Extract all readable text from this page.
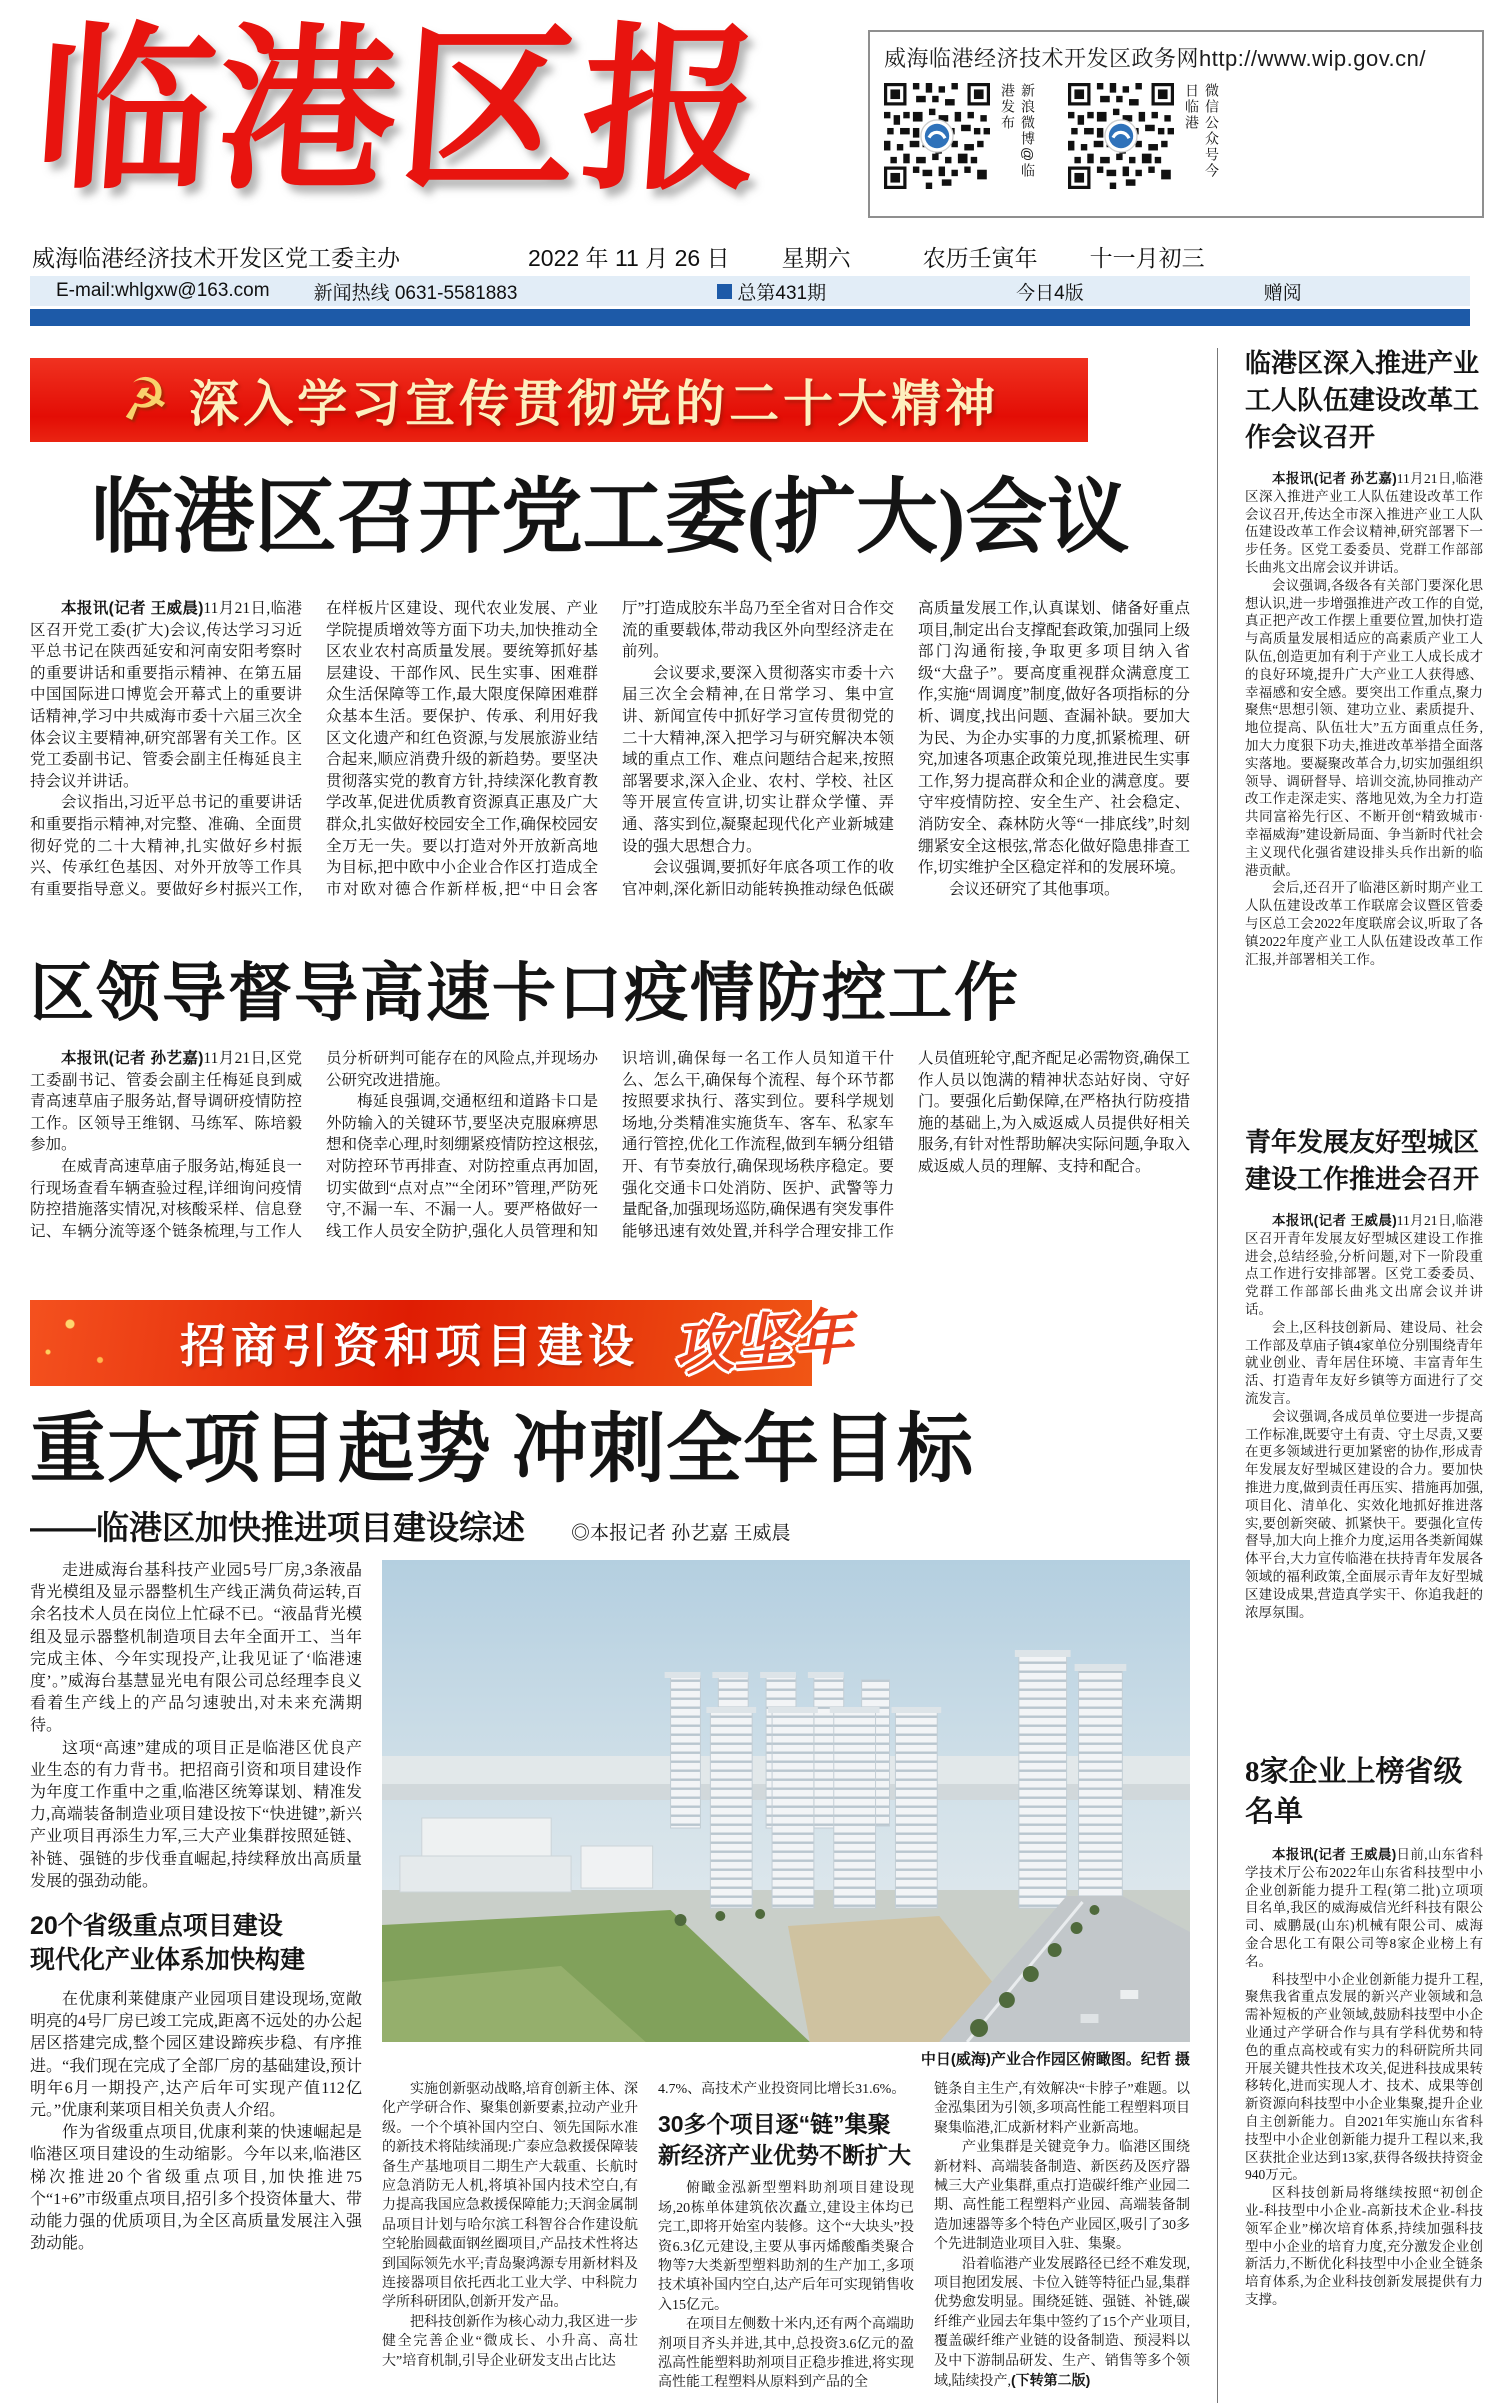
临港区报	威海临港经济技术开发区政务网http://www.wip.gov.cn/
新浪微博@临港发布	微信公众号今日临港
威海临港经济技术开发区党工委主办	2022 年 11 月 26 日 星期六	农历壬寅年 十一月初三
E-mail:whlgxw@163.com 新闻热线 0631-5581883	总第431期	今日4版	赠阅
☭ 深入学习宣传贯彻党的二十大精神
临港区召开党工委(扩大)会议

本报讯(记者 王威晨)11月21日,临港区召开党工委(扩大)会议,传达学习习近平总书记在陕西延安和河南安阳考察时的重要讲话和重要指示精神、在第五届中国国际进口博览会开幕式上的重要讲话精神,学习中共威海市委十六届三次全体会议主要精神,研究部署有关工作。区党工委副书记、管委会副主任梅延良主持会议并讲话。

会议指出,习近平总书记的重要讲话和重要指示精神,对完整、准确、全面贯彻好党的二十大精神,扎实做好乡村振兴、传承红色基因、对外开放等工作具有重要指导意义。要做好乡村振兴工作,在样板片区建设、现代农业发展、产业学院提质增效等方面下功夫,加快推动全区农业农村高质量发展。要统筹抓好基层建设、干部作风、民生实事、困难群众生活保障等工作,最大限度保障困难群众基本生活。要保护、传承、利用好我区文化遗产和红色资源,与发展旅游业结合起来,顺应消费升级的新趋势。要坚决贯彻落实党的教育方针,持续深化教育教学改革,促进优质教育资源真正惠及广大群众,扎实做好校园安全工作,确保校园安全万无一失。要以打造对外开放新高地为目标,把中欧中小企业合作区打造成全市对欧对德合作新样板,把“中日会客厅”打造成胶东半岛乃至全省对日合作交流的重要载体,带动我区外向型经济走在前列。

会议要求,要深入贯彻落实市委十六届三次全会精神,在日常学习、集中宣讲、新闻宣传中抓好学习宣传贯彻党的二十大精神,深入把学习与研究解决本领域的重点工作、难点问题结合起来,按照部署要求,深入企业、农村、学校、社区等开展宣传宣讲,切实让群众学懂、弄通、落实到位,凝聚起现代化产业新城建设的强大思想合力。

会议强调,要抓好年底各项工作的收官冲刺,深化新旧动能转换推动绿色低碳高质量发展工作,认真谋划、储备好重点项目,制定出台支撑配套政策,加强同上级部门沟通衔接,争取更多项目纳入省级“大盘子”。要高度重视群众满意度工作,实施“周调度”制度,做好各项指标的分析、调度,找出问题、查漏补缺。要加大为民、为企办实事的力度,抓紧梳理、研究,加速各项惠企政策兑现,推进民生实事工作,努力提高群众和企业的满意度。要守牢疫情防控、安全生产、社会稳定、消防安全、森林防火等“一排底线”,时刻绷紧安全这根弦,常态化做好隐患排查工作,切实维护全区稳定祥和的发展环境。

会议还研究了其他事项。

区领导督导高速卡口疫情防控工作

本报讯(记者 孙艺嘉)11月21日,区党工委副书记、管委会副主任梅延良到威青高速草庙子服务站,督导调研疫情防控工作。区领导王维钢、马练军、陈培毅参加。

在威青高速草庙子服务站,梅延良一行现场查看车辆查验过程,详细询问疫情防控措施落实情况,对核酸采样、信息登记、车辆分流等逐个链条梳理,与工作人员分析研判可能存在的风险点,并现场办公研究改进措施。

梅延良强调,交通枢纽和道路卡口是外防输入的关键环节,要坚决克服麻痹思想和侥幸心理,时刻绷紧疫情防控这根弦,对防控环节再排查、对防控重点再加固,切实做到“点对点”“全闭环”管理,严防死守,不漏一车、不漏一人。要严格做好一线工作人员安全防护,强化人员管理和知识培训,确保每一名工作人员知道干什么、怎么干,确保每个流程、每个环节都按照要求执行、落实到位。要科学规划场地,分类精准实施货车、客车、私家车通行管控,优化工作流程,做到车辆分组错开、有节奏放行,确保现场秩序稳定。要强化交通卡口处消防、医护、武警等力量配备,加强现场巡防,确保遇有突发事件能够迅速有效处置,并科学合理安排工作人员值班轮守,配齐配足必需物资,确保工作人员以饱满的精神状态站好岗、守好门。要强化后勤保障,在严格执行防疫措施的基础上,为入威返威人员提供好相关服务,有针对性帮助解决实际问题,争取入威返威人员的理解、支持和配合。

招商引资和项目建设 攻坚年
重大项目起势 冲刺全年目标
——临港区加快推进项目建设综述 ◎本报记者 孙艺嘉 王威晨

走进威海台基科技产业园5号厂房,3条液晶背光模组及显示器整机生产线正满负荷运转,百余名技术人员在岗位上忙碌不已。“液晶背光模组及显示器整机制造项目去年全面开工、当年完成主体、今年实现投产,让我见证了‘临港速度’。”威海台基慧显光电有限公司总经理李良义看着生产线上的产品匀速驶出,对未来充满期待。

这项“高速”建成的项目正是临港区优良产业生态的有力背书。把招商引资和项目建设作为年度工作重中之重,临港区统筹谋划、精准发力,高端装备制造业项目建设按下“快进键”,新兴产业项目再添生力军,三大产业集群按照延链、补链、强链的步伐垂直崛起,持续释放出高质量发展的强劲动能。

20个省级重点项目建设
现代化产业体系加快构建

在优康利莱健康产业园项目建设现场,宽敞明亮的4号厂房已竣工完成,距离不远处的办公起居区搭建完成,整个园区建设蹄疾步稳、有序推进。“我们现在完成了全部厂房的基础建设,预计明年6月一期投产,达产后年可实现产值112亿元。”优康利莱项目相关负责人介绍。

作为省级重点项目,优康利莱的快速崛起是临港区项目建设的生动缩影。今年以来,临港区梯次推进20个省级重点项目,加快推进75个“1+6”市级重点项目,招引多个投资体量大、带动能力强的优质项目,为全区高质量发展注入强劲动能。

中日(威海)产业合作园区俯瞰图。纪哲 摄

实施创新驱动战略,培育创新主体、深化产学研合作、聚集创新要素,拉动产业升级。一个个填补国内空白、领先国际水准的新技术将陆续涌现:广泰应急救援保障装备生产基地项目二期生产大载重、长航时应急消防无人机,将填补国内技术空白,有力提高我国应急救援保障能力;天润金属制品项目计划与哈尔滨工科智谷合作建设航空轮胎圆截面钢丝圈项目,产品技术性将达到国际领先水平;青岛聚鸿源专用新材料及连接器项目依托西北工业大学、中科院力学所科研团队,创新开发产品。

把科技创新作为核心动力,我区进一步健全完善企业“微成长、小升高、高壮大”培育机制,引导企业研发支出占比达

4.7%、高技术产业投资同比增长31.6%。

30多个项目逐“链”集聚
新经济产业优势不断扩大

俯瞰金泓新型塑料助剂项目建设现场,20栋单体建筑依次矗立,建设主体均已完工,即将开始室内装修。这个“大块头”投资6.3亿元建设,主要从事丙烯酸酯类聚合物等7大类新型塑料助剂的生产加工,多项技术填补国内空白,达产后年可实现销售收入15亿元。

在项目左侧数十米内,还有两个高端助剂项目齐头并进,其中,总投资3.6亿元的盈泓高性能塑料助剂项目正稳步推进,将实现高性能工程塑料从原料到产品的全

链条自主生产,有效解决“卡脖子”难题。以金泓集团为引领,多项高性能工程塑料项目聚集临港,汇成新材料产业新高地。

产业集群是关键竞争力。临港区围绕新材料、高端装备制造、新医药及医疗器械三大产业集群,重点打造碳纤维产业园二期、高性能工程塑料产业园、高端装备制造加速器等多个特色产业园区,吸引了30多个先进制造业项目入驻、集聚。

沿着临港产业发展路径已经不难发现,项目抱团发展、卡位入链等特征凸显,集群优势愈发明显。围绕延链、强链、补链,碳纤维产业园去年集中签约了15个产业项目,覆盖碳纤维产业链的设备制造、预浸料以及中下游制品研发、生产、销售等多个领域,陆续投产,(下转第二版)

临港区深入推进产业工人队伍建设改革工作会议召开

本报讯(记者 孙艺嘉)11月21日,临港区深入推进产业工人队伍建设改革工作会议召开,传达全市深入推进产业工人队伍建设改革工作会议精神,研究部署下一步任务。区党工委委员、党群工作部部长曲兆文出席会议并讲话。

会议强调,各级各有关部门要深化思想认识,进一步增强推进产改工作的自觉,真正把产改工作摆上重要位置,加快打造与高质量发展相适应的高素质产业工人队伍,创造更加有利于产业工人成长成才的良好环境,提升广大产业工人获得感、幸福感和安全感。要突出工作重点,聚力聚焦“思想引领、建功立业、素质提升、地位提高、队伍壮大”五方面重点任务,加大力度狠下功夫,推进改革举措全面落实落地。要凝聚改革合力,切实加强组织领导、调研督导、培训交流,协同推动产改工作走深走实、落地见效,为全力打造共同富裕先行区、不断开创“精致城市·幸福威海”建设新局面、争当新时代社会主义现代化强省建设排头兵作出新的临港贡献。

会后,还召开了临港区新时期产业工人队伍建设改革工作联席会议暨区管委与区总工会2022年度联席会议,听取了各镇2022年度产业工人队伍建设改革工作汇报,并部署相关工作。

青年发展友好型城区建设工作推进会召开

本报讯(记者 王威晨)11月21日,临港区召开青年发展友好型城区建设工作推进会,总结经验,分析问题,对下一阶段重点工作进行安排部署。区党工委委员、党群工作部部长曲兆文出席会议并讲话。

会上,区科技创新局、建设局、社会工作部及草庙子镇4家单位分别围绕青年就业创业、青年居住环境、丰富青年生活、打造青年友好乡镇等方面进行了交流发言。

会议强调,各成员单位要进一步提高工作标准,既要守土有责、守土尽责,又要在更多领域进行更加紧密的协作,形成青年发展友好型城区建设的合力。要加快推进力度,做到责任再压实、措施再加强,项目化、清单化、实效化地抓好推进落实,要创新突破、抓紧快干。要强化宣传督导,加大向上推介力度,运用各类新闻媒体平台,大力宣传临港在扶持青年发展各领域的福利政策,全面展示青年友好型城区建设成果,营造真学实干、你追我赶的浓厚氛围。

8家企业上榜省级名单

本报讯(记者 王威晨)日前,山东省科学技术厅公布2022年山东省科技型中小企业创新能力提升工程(第二批)立项项目名单,我区的威海威信光纤科技有限公司、威鹏晟(山东)机械有限公司、威海金合思化工有限公司等8家企业榜上有名。

科技型中小企业创新能力提升工程,聚焦我省重点发展的新兴产业领域和急需补短板的产业领域,鼓励科技型中小企业通过产学研合作与具有学科优势和特色的重点高校或有实力的科研院所共同开展关键共性技术攻关,促进科技成果转移转化,进而实现人才、技术、成果等创新资源向科技型中小企业集聚,提升企业自主创新能力。自2021年实施山东省科技型中小企业创新能力提升工程以来,我区获批企业达到13家,获得各级扶持资金940万元。

区科技创新局将继续按照“初创企业-科技型中小企业-高新技术企业-科技领军企业”梯次培育体系,持续加强科技型中小企业的培育力度,充分激发企业创新活力,不断优化科技型中小企业全链条培育体系,为企业科技创新发展提供有力支撑。
